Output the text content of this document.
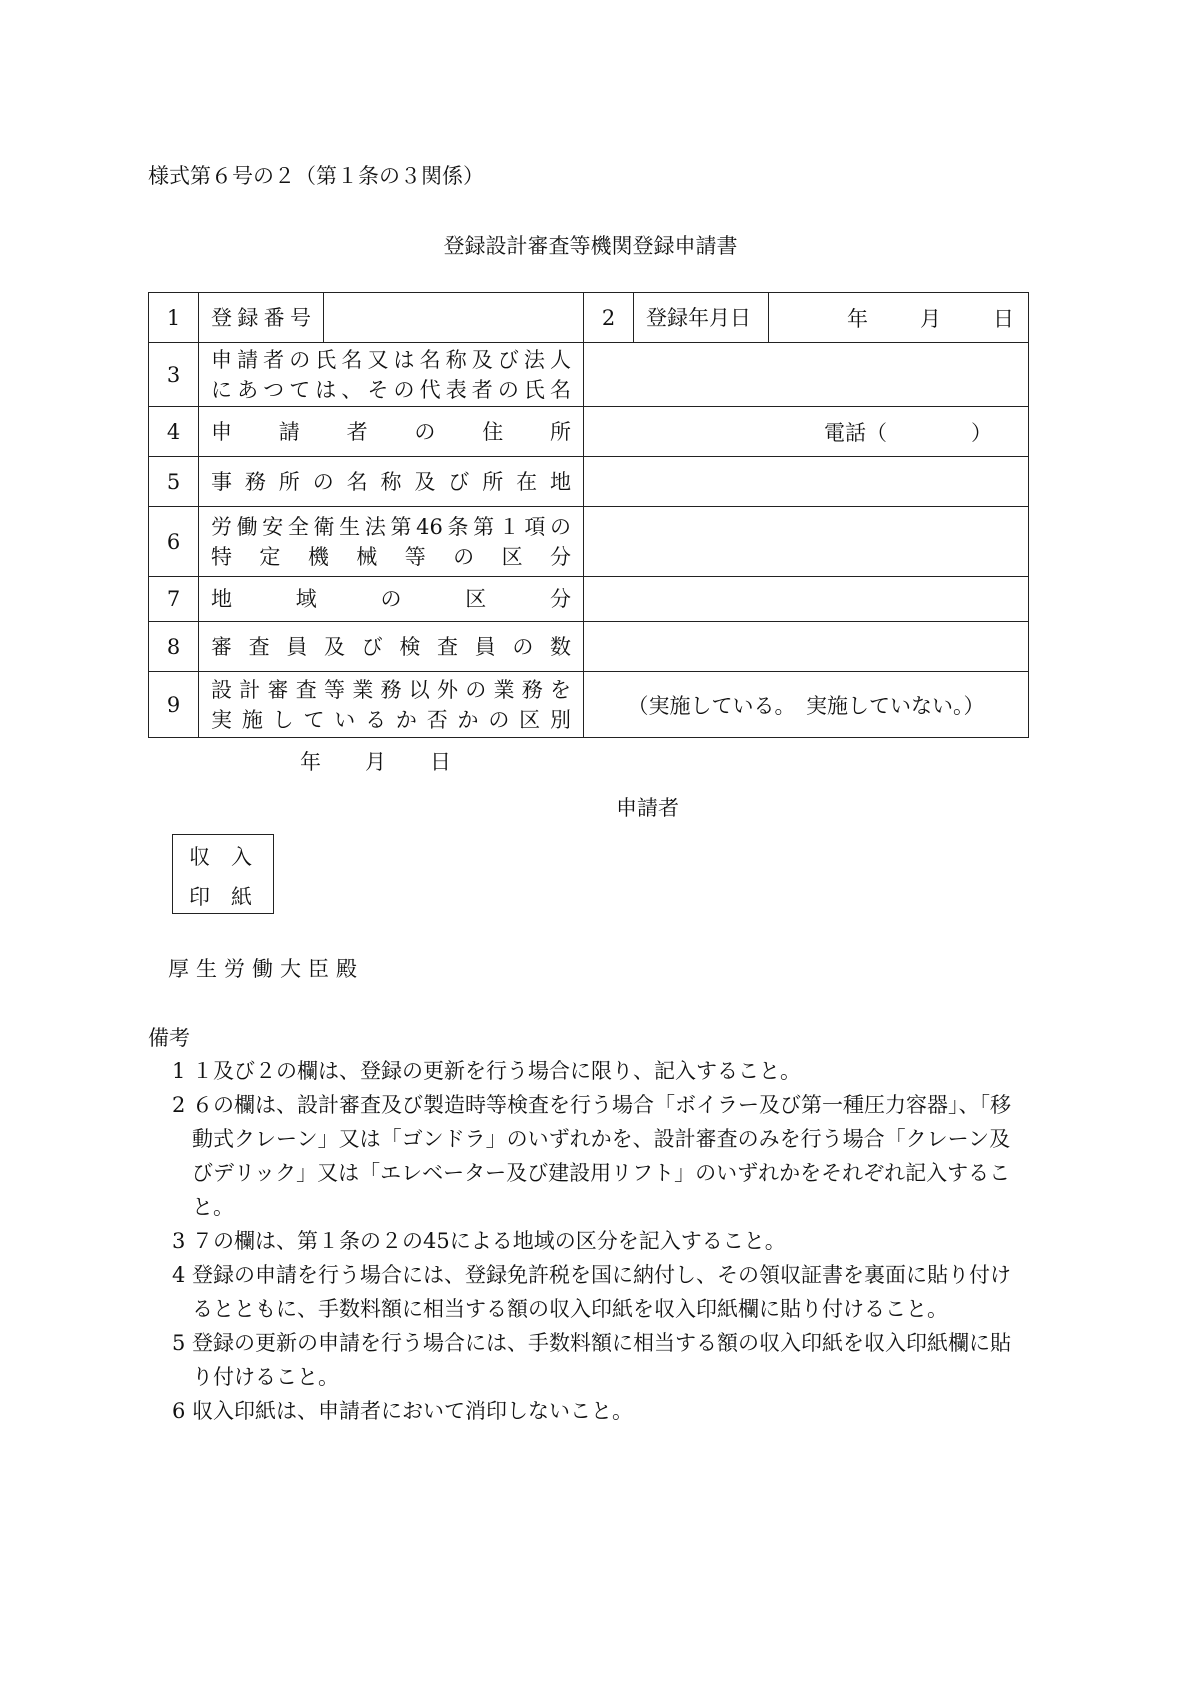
様式第６号の２（第１条の３関係）
登録設計審査等機関登録申請書
1	登録番号		2	登録年月日	年 月 日

3	申請者の氏名又は名称及び法人
にあつては、その代表者の氏名				

4	申請者の住所		電話（　　　　）		

5	事務所の名称及び所在地				

6	労働安全衛生法第46条第１項の
特定機械等の区分				

7	地域の区分				

8	審査員及び検査員の数				

9	設計審査等業務以外の業務を
実施しているか否かの区別		（実施している。　実施していない。）		
年 月 日
申請者
収　入
印　紙
厚生労働大臣殿
備考
1 １及び２の欄は、登録の更新を行う場合に限り、記入すること。
2 ６の欄は、設計審査及び製造時等検査を行う場合「ボイラー及び第一種圧力容器」、「移動式クレーン」又は「ゴンドラ」のいずれかを、設計審査のみを行う場合「クレーン及びデリック」又は「エレベーター及び建設用リフト」のいずれかをそれぞれ記入すること。
3 ７の欄は、第１条の２の45による地域の区分を記入すること。
4 登録の申請を行う場合には、登録免許税を国に納付し、その領収証書を裏面に貼り付けるとともに、手数料額に相当する額の収入印紙を収入印紙欄に貼り付けること。
5 登録の更新の申請を行う場合には、手数料額に相当する額の収入印紙を収入印紙欄に貼り付けること。
6 収入印紙は、申請者において消印しないこと。
